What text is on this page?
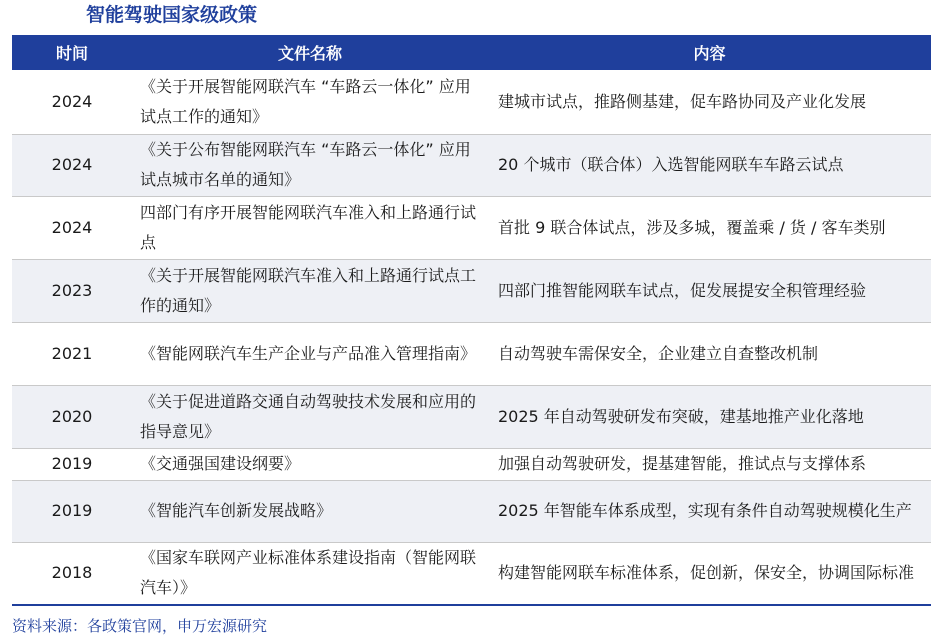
智能驾驶国家级政策
时间	文件名称	内容
2024	《关于开展智能网联汽车 “车路云一体化” 应用试点工作的通知》	建城市试点，推路侧基建，促车路协同及产业化发展
2024	《关于公布智能网联汽车 “车路云一体化” 应用试点城市名单的通知》	20 个城市（联合体）入选智能网联车车路云试点
2024	四部门有序开展智能网联汽车准入和上路通行试点	首批 9 联合体试点，涉及多城，覆盖乘 / 货 / 客车类别
2023	《关于开展智能网联汽车准入和上路通行试点工作的通知》	四部门推智能网联车试点，促发展提安全积管理经验
2021	《智能网联汽车生产企业与产品准入管理指南》	自动驾驶车需保安全，企业建立自查整改机制
2020	《关于促进道路交通自动驾驶技术发展和应用的指导意见》	2025 年自动驾驶研发布突破，建基地推产业化落地
2019	《交通强国建设纲要》	加强自动驾驶研发，提基建智能，推试点与支撑体系
2019	《智能汽车创新发展战略》	2025 年智能车体系成型，实现有条件自动驾驶规模化生产
2018	《国家车联网产业标准体系建设指南（智能网联汽车）》	构建智能网联车标准体系，促创新，保安全，协调国际标准
资料来源：各政策官网，申万宏源研究
